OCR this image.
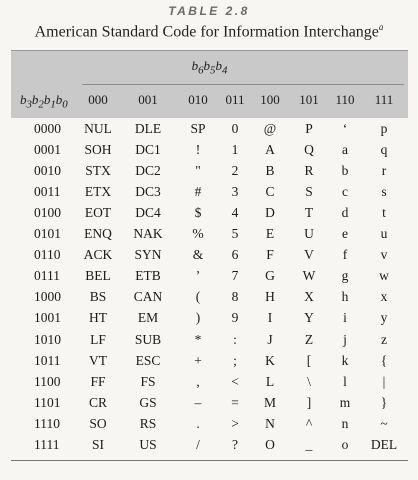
TABLE 2.8
American Standard Code for Information Interchange$^a$
$b_6b_5b_4$
$b_3b_2b_1b_0$	000	001	010	011	100	101	110	111
0000	NUL	DLE	SP	0	@	P	‘	p
0001	SOH	DC1	!	1	A	Q	a	q
0010	STX	DC2	"	2	B	R	b	r
0011	ETX	DC3	#	3	C	S	c	s
0100	EOT	DC4	$	4	D	T	d	t
0101	ENQ	NAK	%	5	E	U	e	u
0110 ACK	SYN	&	6	F	V	f	v
0111	BEL	ETB	’	7	G	W	g	w
1000	BS	CAN	(	8	H	X	h	x
1001	HT	EM	)	9	I	Y	i	y
1010	LF	SUB	*	:	J	Z	j	z
1011	VT	ESC	+	;	K	[	k	{
1100	FF	FS	,	<	L	\	l	|
1101	CR	GS	–	=	M	]	m	}
1110	SO	RS	.	>	N	^	n	~
1111	SI	US	/	?	O	_	o	DEL
